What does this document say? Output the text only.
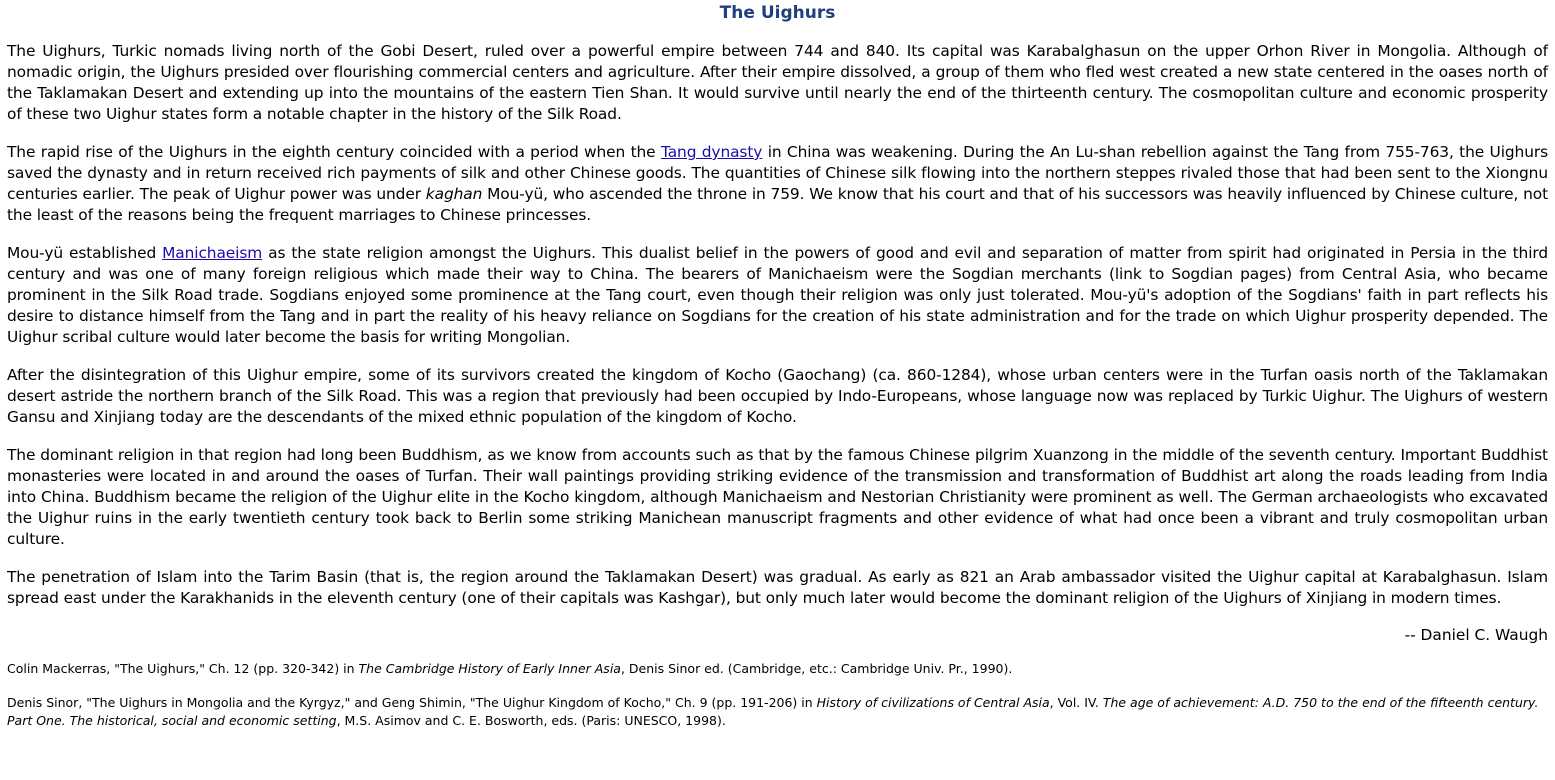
The Uighurs

The Uighurs, Turkic nomads living north of the Gobi Desert, ruled over a powerful empire between 744 and 840. Its capital was Karabalghasun on the upper Orhon River in Mongolia. Although of nomadic origin, the Uighurs presided over flourishing commercial centers and agriculture. After their empire dissolved, a group of them who fled west created a new state centered in the oases north of the Taklamakan Desert and extending up into the mountains of the eastern Tien Shan. It would survive until nearly the end of the thirteenth century. The cosmopolitan culture and economic prosperity of these two Uighur states form a notable chapter in the history of the Silk Road.

The rapid rise of the Uighurs in the eighth century coincided with a period when the Tang dynasty in China was weakening. During the An Lu-shan rebellion against the Tang from 755-763, the Uighurs saved the dynasty and in return received rich payments of silk and other Chinese goods. The quantities of Chinese silk flowing into the northern steppes rivaled those that had been sent to the Xiongnu centuries earlier. The peak of Uighur power was under kaghan Mou-yü, who ascended the throne in 759. We know that his court and that of his successors was heavily influenced by Chinese culture, not the least of the reasons being the frequent marriages to Chinese princesses.

Mou-yü established Manichaeism as the state religion amongst the Uighurs. This dualist belief in the powers of good and evil and separation of matter from spirit had originated in Persia in the third century and was one of many foreign religious which made their way to China. The bearers of Manichaeism were the Sogdian merchants (link to Sogdian pages) from Central Asia, who became prominent in the Silk Road trade. Sogdians enjoyed some prominence at the Tang court, even though their religion was only just tolerated. Mou-yü's adoption of the Sogdians' faith in part reflects his desire to distance himself from the Tang and in part the reality of his heavy reliance on Sogdians for the creation of his state administration and for the trade on which Uighur prosperity depended. The Uighur scribal culture would later become the basis for writing Mongolian.

After the disintegration of this Uighur empire, some of its survivors created the kingdom of Kocho (Gaochang) (ca. 860-1284), whose urban centers were in the Turfan oasis north of the Taklamakan desert astride the northern branch of the Silk Road. This was a region that previously had been occupied by Indo-Europeans, whose language now was replaced by Turkic Uighur. The Uighurs of western Gansu and Xinjiang today are the descendants of the mixed ethnic population of the kingdom of Kocho.

The dominant religion in that region had long been Buddhism, as we know from accounts such as that by the famous Chinese pilgrim Xuanzong in the middle of the seventh century. Important Buddhist monasteries were located in and around the oases of Turfan. Their wall paintings providing striking evidence of the transmission and transformation of Buddhist art along the roads leading from India into China. Buddhism became the religion of the Uighur elite in the Kocho kingdom, although Manichaeism and Nestorian Christianity were prominent as well. The German archaeologists who excavated the Uighur ruins in the early twentieth century took back to Berlin some striking Manichean manuscript fragments and other evidence of what had once been a vibrant and truly cosmopolitan urban culture.

The penetration of Islam into the Tarim Basin (that is, the region around the Taklamakan Desert) was gradual. As early as 821 an Arab ambassador visited the Uighur capital at Karabalghasun. Islam spread east under the Karakhanids in the eleventh century (one of their capitals was Kashgar), but only much later would become the dominant religion of the Uighurs of Xinjiang in modern times.

-- Daniel C. Waugh
Colin Mackerras, "The Uighurs," Ch. 12 (pp. 320-342) in The Cambridge History of Early Inner Asia, Denis Sinor ed. (Cambridge, etc.: Cambridge Univ. Pr., 1990).
Denis Sinor, "The Uighurs in Mongolia and the Kyrgyz," and Geng Shimin, "The Uighur Kingdom of Kocho," Ch. 9 (pp. 191-206) in History of civilizations of Central Asia, Vol. IV. The age of achievement: A.D. 750 to the end of the fifteenth century. Part One. The historical, social and economic setting, M.S. Asimov and C. E. Bosworth, eds. (Paris: UNESCO, 1998).
